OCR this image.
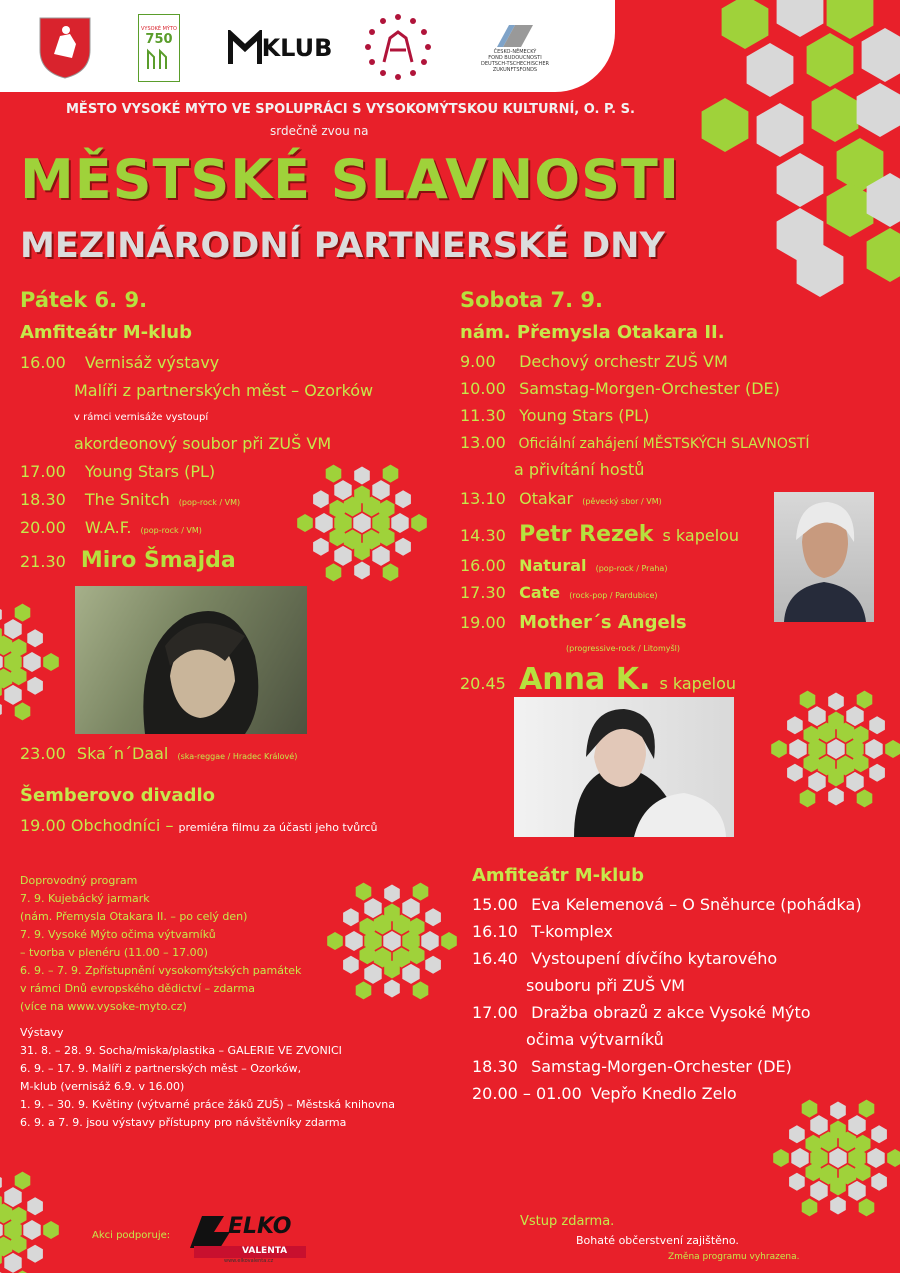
VYSOKÉ MÝTO
750	KLUB	ČESKO-NĚMECKÝ
FOND BUDOUCNOSTI
DEUTSCH-TSCHECHISCHER
ZUKUNFTSFONDS
MĚSTO VYSOKÉ MÝTO VE SPOLUPRÁCI S VYSOKOMÝTSKOU KULTURNÍ, O. P. S.
srdečně zvou na
MĚSTSKÉ SLAVNOSTI
MEZINÁRODNÍ PARTNERSKÉ DNY
Pátek 6. 9.
Amfiteátr M-klub
16.00 Vernisáž výstavy
Malíři z partnerských měst – Ozorków
v rámci vernisáže vystoupí
akordeonový soubor při ZUŠ VM
17.00 Young Stars (PL)
18.30 The Snitch (pop-rock / VM)
20.00 W.A.F. (pop-rock / VM)
21.30 Miro Šmajda
23.00 Ska´n´Daal (ska-reggae / Hradec Králové)
Šemberovo divadlo
19.00 Obchodníci – premiéra filmu za účasti jeho tvůrců
Sobota 7. 9.
nám. Přemysla Otakara II.
9.00 Dechový orchestr ZUŠ VM
10.00 Samstag-Morgen-Orchester (DE)
11.30 Young Stars (PL)
13.00 Oficiální zahájení MĚSTSKÝCH SLAVNOSTÍ
a přivítání hostů
13.10 Otakar (pěvecký sbor / VM)
14.30 Petr Rezek s kapelou
16.00 Natural (pop-rock / Praha)
17.30 Cate (rock-pop / Pardubice)
19.00 Mother´s Angels
(progressive-rock / Litomyšl)
20.45 Anna K. s kapelou
Amfiteátr M-klub
15.00 Eva Kelemenová – O Sněhurce (pohádka)
16.10 T-komplex
16.40 Vystoupení dívčího kytarového
souboru při ZUŠ VM
17.00 Dražba obrazů z akce Vysoké Mýto
očima výtvarníků
18.30 Samstag-Morgen-Orchester (DE)
20.00 – 01.00 Vepřo Knedlo Zelo
Doprovodný program
7. 9. Kujebácký jarmark
(nám. Přemysla Otakara II. – po celý den)
7. 9. Vysoké Mýto očima výtvarníků
– tvorba v plenéru (11.00 – 17.00)
6. 9. – 7. 9. Zpřístupnění vysokomýtských památek
v rámci Dnů evropského dědictví – zdarma
(více na www.vysoke-myto.cz)
Výstavy
31. 8. – 28. 9. Socha/miska/plastika – GALERIE VE ZVONICI
6. 9. – 17. 9. Malíři z partnerských měst – Ozorków,
M-klub (vernisáž 6.9. v 16.00)
1. 9. – 30. 9. Květiny (výtvarné práce žáků ZUŠ) – Městská knihovna
6. 9. a 7. 9. jsou výstavy přístupny pro návštěvníky zdarma
Akci podporuje:	ELKO
VALENTA
www.elkovalenta.cz
Vstup zdarma.
Bohaté občerstvení zajištěno.
Změna programu vyhrazena.
